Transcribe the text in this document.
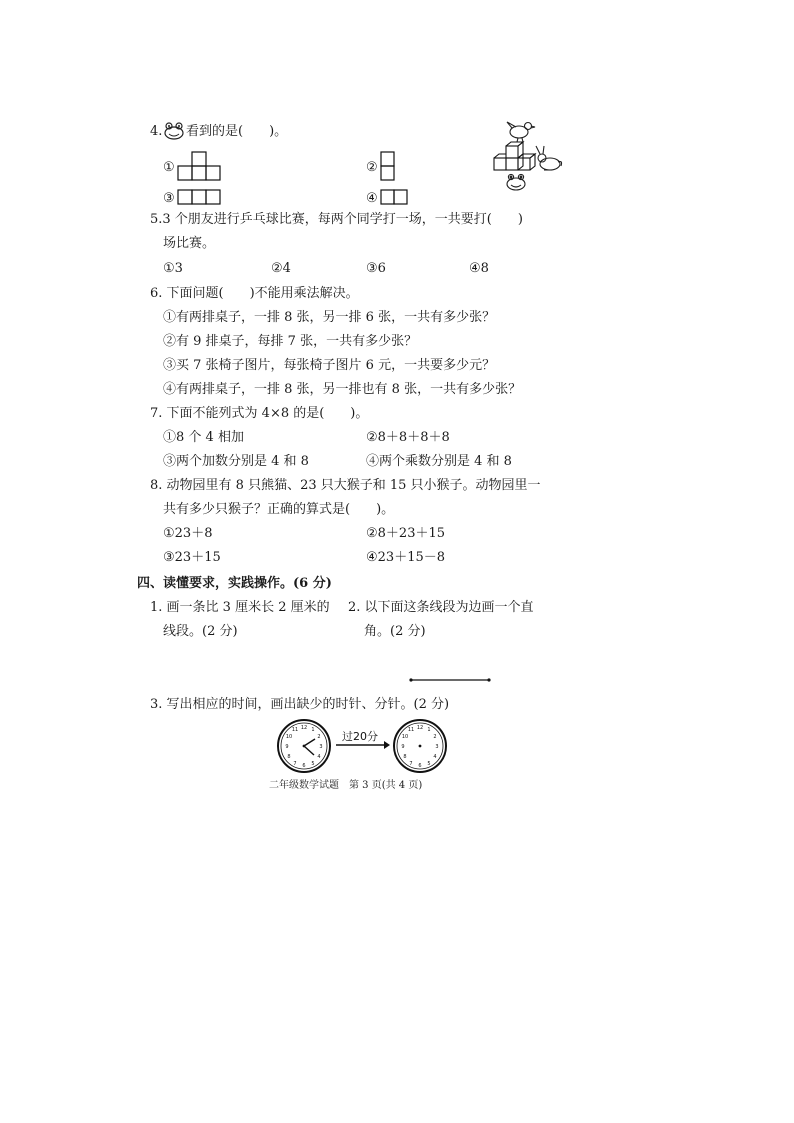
4. 看到的是(　　)。
①	②
③	④
5.3 个朋友进行乒乓球比赛，每两个同学打一场，一共要打(　　)
场比赛。
①3	②4	③6	④8
6. 下面问题(　　)不能用乘法解决。
①有两排桌子，一排 8 张，另一排 6 张，一共有多少张？
②有 9 排桌子，每排 7 张，一共有多少张？
③买 7 张椅子图片，每张椅子图片 6 元，一共要多少元？
④有两排桌子，一排 8 张，另一排也有 8 张，一共有多少张？
7. 下面不能列式为 4×8 的是(　　)。
①8 个 4 相加	②8＋8＋8＋8
③两个加数分别是 4 和 8	④两个乘数分别是 4 和 8
8. 动物园里有 8 只熊猫、23 只大猴子和 15 只小猴子。动物园里一
共有多少只猴子？正确的算式是(　　)。
①23＋8	②8＋23＋15
③23＋15	④23＋15－8
四、读懂要求，实践操作。(6 分)
1. 画一条比 3 厘米长 2 厘米的
线段。(2 分)
2. 以下面这条线段为边画一个直
角。(2 分)
3. 写出相应的时间，画出缺少的时针、分针。(2 分)
12 1
2
3
4
5
6
7
8
9
10
11	过20分
12 1
2
3
4
5
6
7
8
9
10
11
二年级数学试题　第 3 页(共 4 页)
